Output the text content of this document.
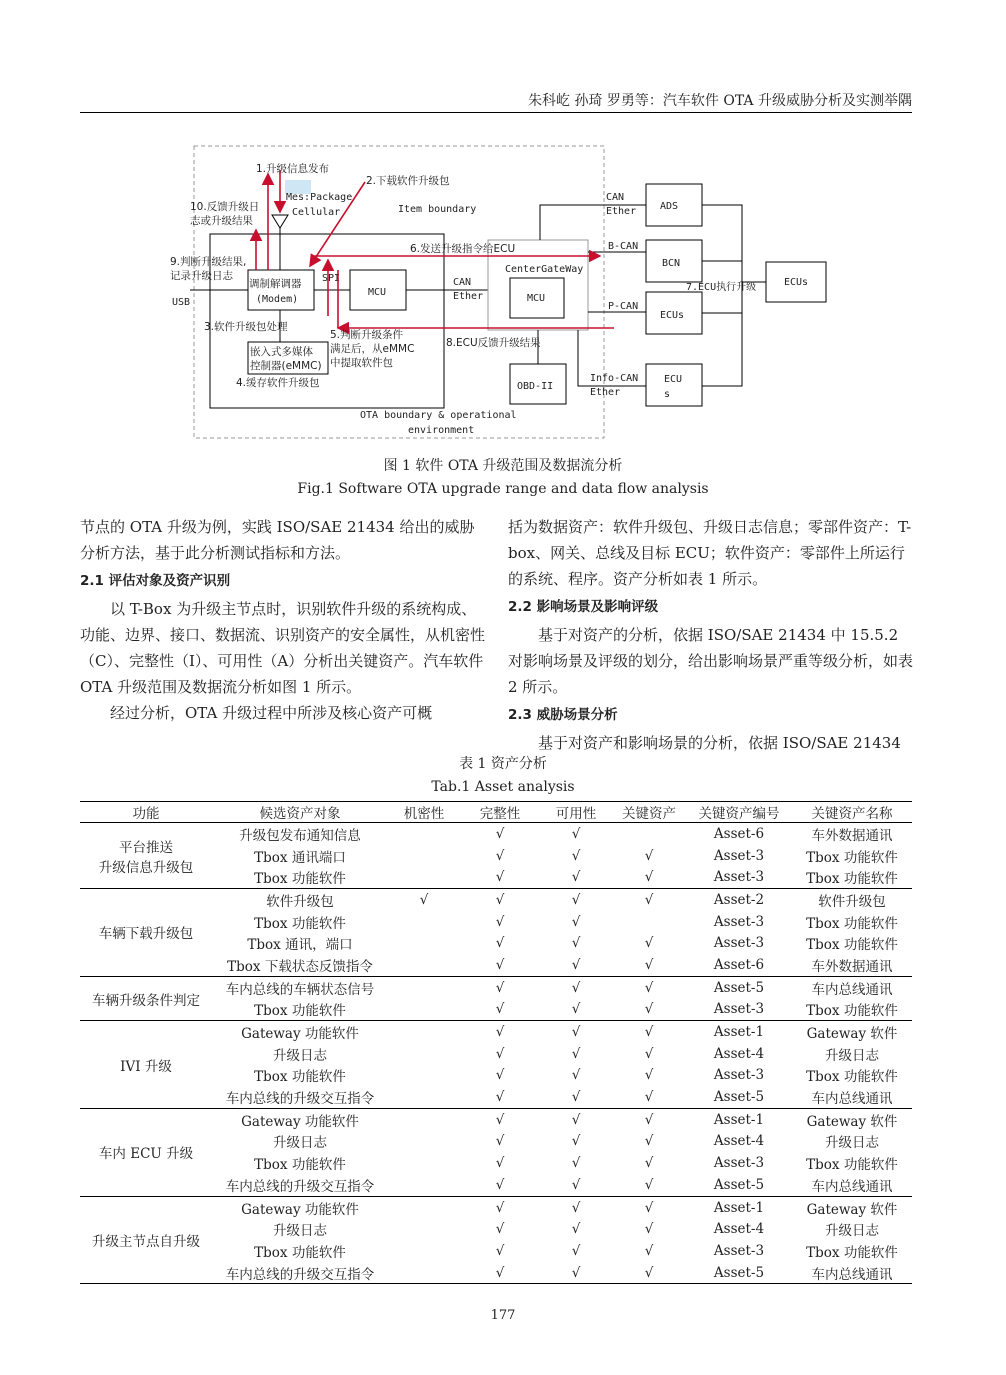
朱科屹 孙琦 罗勇等：汽车软件 OTA 升级威胁分析及实测举隅
调制解调器
(Modem)
USB
SPI
MCU
嵌入式多媒体
控制器(eMMC)
CAN
Ether
CenterGateWay
MCU
OBD-II
ADS
BCN
ECUs
ECU
s
CAN
Ether
B-CAN
P-CAN
Info-CAN
Ether
7.ECU执行升级
1.升级信息发布
2.下载软件升级包
Mes:Package
Cellular	Item boundary
10.反馈升级日
志或升级结果
6.发送升级指令给ECU
9.判断升级结果,
记录升级日志
3.软件升级包处理
5.判断升级条件
满足后，从eMMC
中提取软件包
4.缓存软件升级包
8.ECU反馈升级结果
OTA boundary & operational
environment
ECUs
图 1 软件 OTA 升级范围及数据流分析
Fig.1 Software OTA upgrade range and data flow analysis

节点的 OTA 升级为例，实践 ISO/SAE 21434 给出的威胁分析方法，基于此分析测试指标和方法。

2.1 评估对象及资产识别

以 T-Box 为升级主节点时，识别软件升级的系统构成、功能、边界、接口、数据流、识别资产的安全属性，从机密性（C）、完整性（I）、可用性（A）分析出关键资产。汽车软件 OTA 升级范围及数据流分析如图 1 所示。

经过分析，OTA 升级过程中所涉及核心资产可概

括为数据资产：软件升级包、升级日志信息；零部件资产：T-box、网关、总线及目标 ECU；软件资产：零部件上所运行的系统、程序。资产分析如表 1 所示。

2.2 影响场景及影响评级

基于对资产的分析，依据 ISO/SAE 21434 中 15.5.2 对影响场景及评级的划分，给出影响场景严重等级分析，如表 2 所示。

2.3 威胁场景分析

基于对资产和影响场景的分析，依据 ISO/SAE 21434

表 1 资产分析
Tab.1 Asset analysis
功能	候选资产对象	机密性	完整性	可用性	关键资产	关键资产编号	关键资产名称
平台推送
升级信息升级包	升级包发布通知信息		√	√		Asset-6	车外数据通讯
	Tbox 通讯端口		√	√	√	Asset-3	Tbox 功能软件
	Tbox 功能软件		√	√	√	Asset-3	Tbox 功能软件
车辆下载升级包	软件升级包	√	√	√	√	Asset-2	软件升级包
	Tbox 功能软件		√	√		Asset-3	Tbox 功能软件
	Tbox 通讯，端口		√	√	√	Asset-3	Tbox 功能软件
	Tbox 下载状态反馈指令		√	√	√	Asset-6	车外数据通讯
车辆升级条件判定	车内总线的车辆状态信号		√	√	√	Asset-5	车内总线通讯
	Tbox 功能软件		√	√	√	Asset-3	Tbox 功能软件
IVI 升级	Gateway 功能软件		√	√	√	Asset-1	Gateway 软件
	升级日志		√	√	√	Asset-4	升级日志
	Tbox 功能软件		√	√	√	Asset-3	Tbox 功能软件
	车内总线的升级交互指令		√	√	√	Asset-5	车内总线通讯
车内 ECU 升级	Gateway 功能软件		√	√	√	Asset-1	Gateway 软件
	升级日志		√	√	√	Asset-4	升级日志
	Tbox 功能软件		√	√	√	Asset-3	Tbox 功能软件
	车内总线的升级交互指令		√	√	√	Asset-5	车内总线通讯
升级主节点自升级	Gateway 功能软件		√	√	√	Asset-1	Gateway 软件
	升级日志		√	√	√	Asset-4	升级日志
	Tbox 功能软件		√	√	√	Asset-3	Tbox 功能软件
	车内总线的升级交互指令		√	√	√	Asset-5	车内总线通讯
177
